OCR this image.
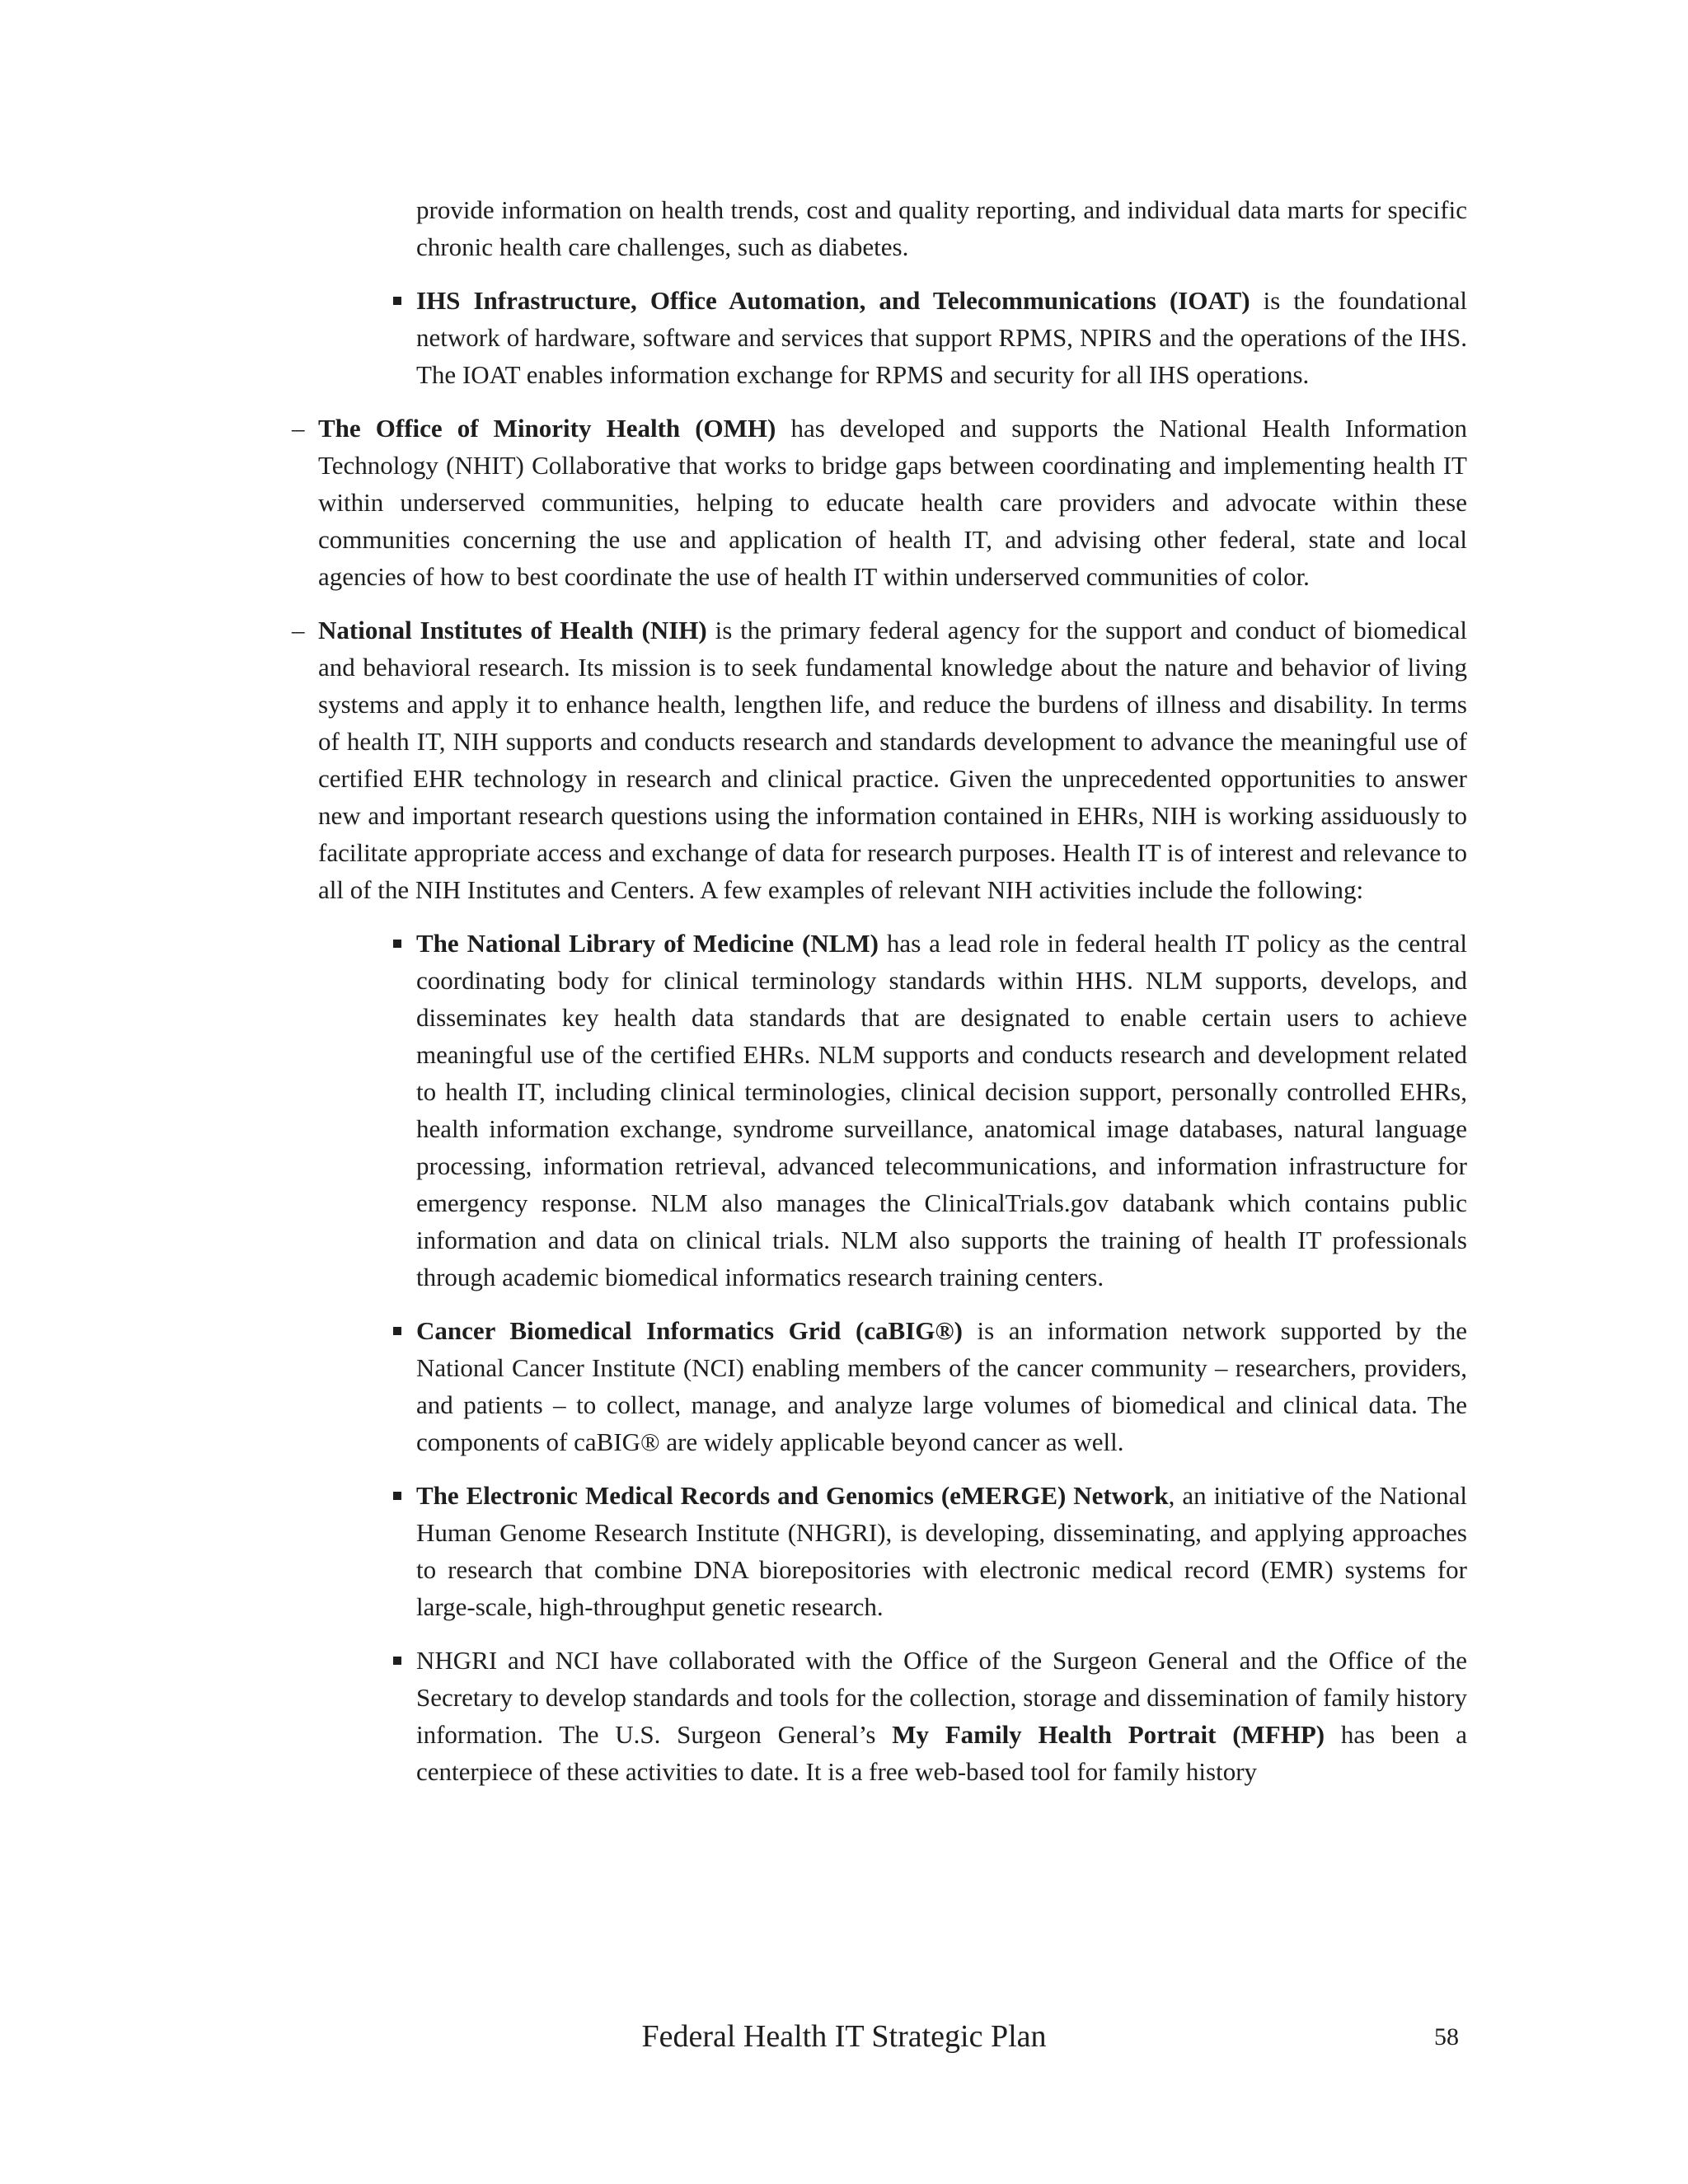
provide information on health trends, cost and quality reporting, and individual data marts for specific chronic health care challenges, such as diabetes.

IHS Infrastructure, Office Automation, and Telecommunications (IOAT) is the foundational network of hardware, software and services that support RPMS, NPIRS and the operations of the IHS. The IOAT enables information exchange for RPMS and security for all IHS operations.

– The Office of Minority Health (OMH) has developed and supports the National Health Information Technology (NHIT) Collaborative that works to bridge gaps between coordinating and implementing health IT within underserved communities, helping to educate health care providers and advocate within these communities concerning the use and application of health IT, and advising other federal, state and local agencies of how to best coordinate the use of health IT within underserved communities of color.

– National Institutes of Health (NIH) is the primary federal agency for the support and conduct of biomedical and behavioral research. Its mission is to seek fundamental knowledge about the nature and behavior of living systems and apply it to enhance health, lengthen life, and reduce the burdens of illness and disability. In terms of health IT, NIH supports and conducts research and standards development to advance the meaningful use of certified EHR technology in research and clinical practice. Given the unprecedented opportunities to answer new and important research questions using the information contained in EHRs, NIH is working assiduously to facilitate appropriate access and exchange of data for research purposes. Health IT is of interest and relevance to all of the NIH Institutes and Centers. A few examples of relevant NIH activities include the following:

The National Library of Medicine (NLM) has a lead role in federal health IT policy as the central coordinating body for clinical terminology standards within HHS. NLM supports, develops, and disseminates key health data standards that are designated to enable certain users to achieve meaningful use of the certified EHRs. NLM supports and conducts research and development related to health IT, including clinical terminologies, clinical decision support, personally controlled EHRs, health information exchange, syndrome surveillance, anatomical image databases, natural language processing, information retrieval, advanced telecommunications, and information infrastructure for emergency response. NLM also manages the ClinicalTrials.gov databank which contains public information and data on clinical trials. NLM also supports the training of health IT professionals through academic biomedical informatics research training centers.

Cancer Biomedical Informatics Grid (caBIG®) is an information network supported by the National Cancer Institute (NCI) enabling members of the cancer community – researchers, providers, and patients – to collect, manage, and analyze large volumes of biomedical and clinical data. The components of caBIG® are widely applicable beyond cancer as well.

The Electronic Medical Records and Genomics (eMERGE) Network, an initiative of the National Human Genome Research Institute (NHGRI), is developing, disseminating, and applying approaches to research that combine DNA biorepositories with electronic medical record (EMR) systems for large-scale, high-throughput genetic research.

NHGRI and NCI have collaborated with the Office of the Surgeon General and the Office of the Secretary to develop standards and tools for the collection, storage and dissemination of family history information. The U.S. Surgeon General’s My Family Health Portrait (MFHP) has been a centerpiece of these activities to date. It is a free web-based tool for family history

Federal Health IT Strategic Plan	58
